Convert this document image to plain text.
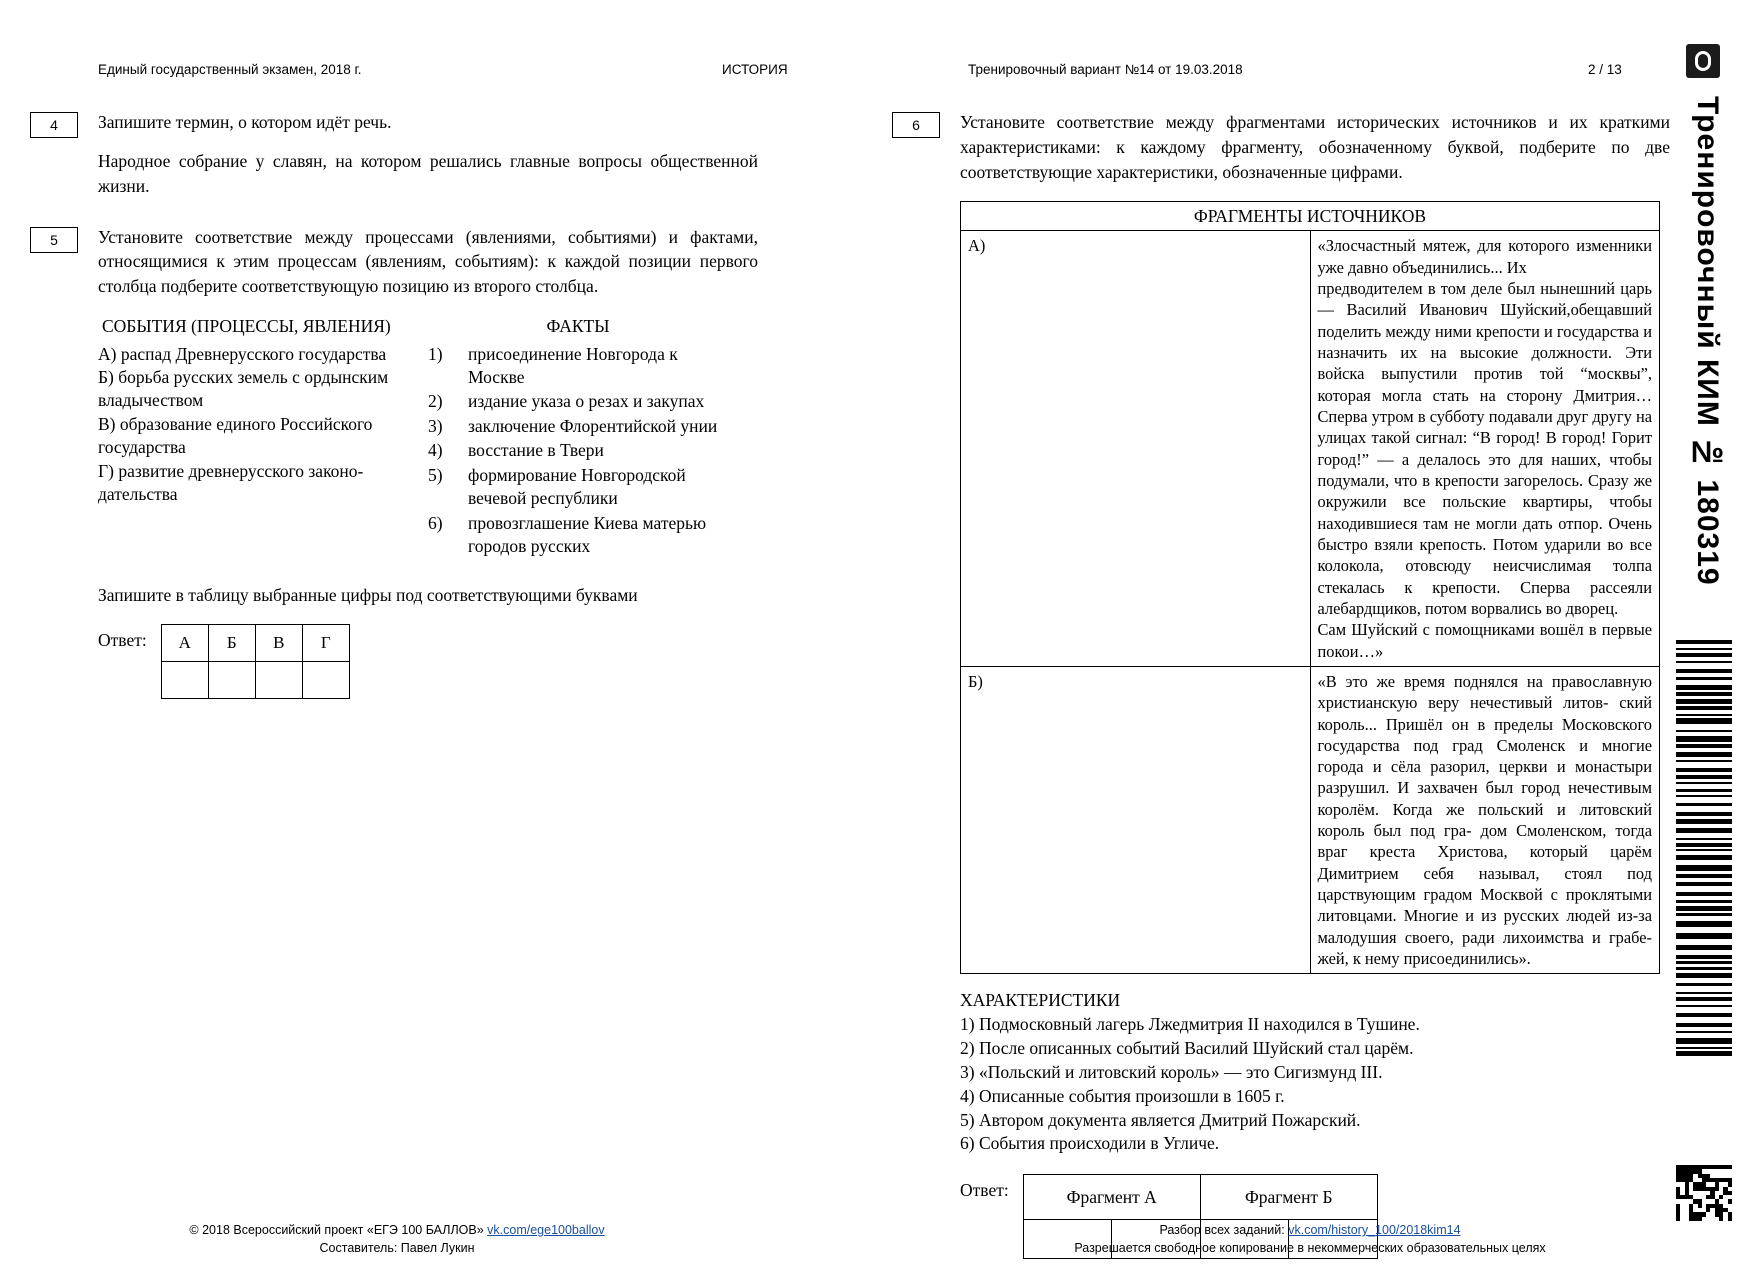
Единый государственный экзамен, 2018 г.	ИСТОРИЯ	Тренировочный вариант №14 от 19.03.2018	2 / 13
Тренировочный КИМ № 180319
4	Запишите термин, о котором идёт речь.

Народное собрание у славян, на котором решались главные вопросы общественной жизни.

5	Установите соответствие между процессами (явлениями, событиями) и фактами, относящимися к этим процессам (явлениям, событиям): к каждой позиции первого столбца подберите соответствующую позицию из второго столбца.

СОБЫТИЯ (ПРОЦЕССЫ, ЯВЛЕНИЯ)
А) распад Древнерусского государства
Б) борьба русских земель с ордынским владычеством
В) образование единого Российского государства
Г) развитие древнерусского законо-дательства
ФАКТЫ
1)	присоединение Новгорода к Москве
2)	издание указа о резах и закупах
3)	заключение Флорентийской унии
4)	восстание в Твери
5)	формирование Новгородской вечевой республики
6)	провозглашение Киева матерью городов русских
Запишите в таблицу выбранные цифры под соответствующими буквами
Ответ: А	Б	В	Г

6	Установите соответствие между фрагментами исторических источников и их краткими характеристиками: к каждому фрагменту, обозначенному буквой, подберите по две соответствующие характеристики, обозначенные цифрами.

ФРАГМЕНТЫ ИСТОЧНИКОВ	
А)	«Злосчастный мятеж, для которого изменники уже давно объединились... Их
предводителем в том деле был нынешний царь — Василий Иванович Шуйский,обещавший поделить между ними крепости и государства и назначить их на высокие должности. Эти войска выпустили против той “москвы”, которая могла стать на сторону Дмитрия… Сперва утром в субботу подавали друг другу на улицах такой сигнал: “В город! В город! Горит город!” — а делалось это для наших, чтобы подумали, что в крепости загорелось. Сразу же окружили все польские квартиры, чтобы находившиеся там не могли дать отпор. Очень быстро взяли крепость. Потом ударили во все колокола, отовсюду неисчислимая толпа стекалась к крепости. Сперва рассеяли алебардщиков, потом ворвались во дворец.
Сам Шуйский с помощниками вошёл в первые покои…»
Б)	«В это же время поднялся на православную христианскую веру нечестивый литов- ский король... Пришёл он в пределы Московского государства под град Смоленск и многие города и сёла разорил, церкви и монастыри разрушил. И захвачен был город нечестивым королём. Когда же польский и литовский король был под гра- дом Смоленском, тогда враг креста Христова, который царём Димитрием себя называл, стоял под царствующим градом Москвой с проклятыми литовцами. Многие и из русских людей из-за малодушия своего, ради лихоимства и грабе- жей, к нему присоединились».
ХАРАКТЕРИСТИКИ
1) Подмосковный лагерь Лжедмитрия II находился в Тушине.
2) После описанных событий Василий Шуйский стал царём.
3) «Польский и литовский король» — это Сигизмунд III.
4) Описанные события произошли в 1605 г.
5) Автором документа является Дмитрий Пожарский.
6) События происходили в Угличе.
Ответ:	Фрагмент А		Фрагмент Б	

© 2018 Всероссийский проект «ЕГЭ 100 БАЛЛОВ» vk.com/ege100ballov
Составитель: Павел Лукин
Разбор всех заданий: vk.com/history_100/2018kim14
Разрешается свободное копирование в некоммерческих образовательных целях
